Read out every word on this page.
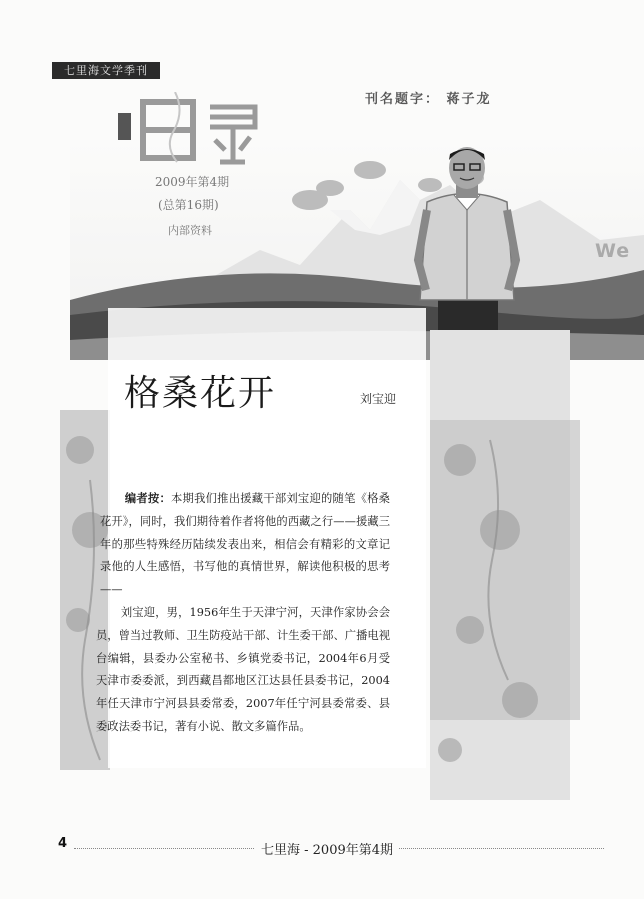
七里海文学季刊
刊名题字： 蒋子龙
We
2009年第4期
(总第16期)
内部资料
格桑花开	刘宝迎

编者按：本期我们推出援藏干部刘宝迎的随笔《格桑花开》，同时，我们期待着作者将他的西藏之行——援藏三年的那些特殊经历陆续发表出来，相信会有精彩的文章记录他的人生感悟，书写他的真情世界，解读他积极的思考——

刘宝迎，男，1956年生于天津宁河，天津作家协会会员，曾当过教师、卫生防疫站干部、计生委干部、广播电视台编辑，县委办公室秘书、乡镇党委书记，2004年6月受天津市委委派，到西藏昌都地区江达县任县委书记，2004年任天津市宁河县县委常委，2007年任宁河县委常委、县委政法委书记，著有小说、散文多篇作品。

4	七里海 - 2009年第4期
